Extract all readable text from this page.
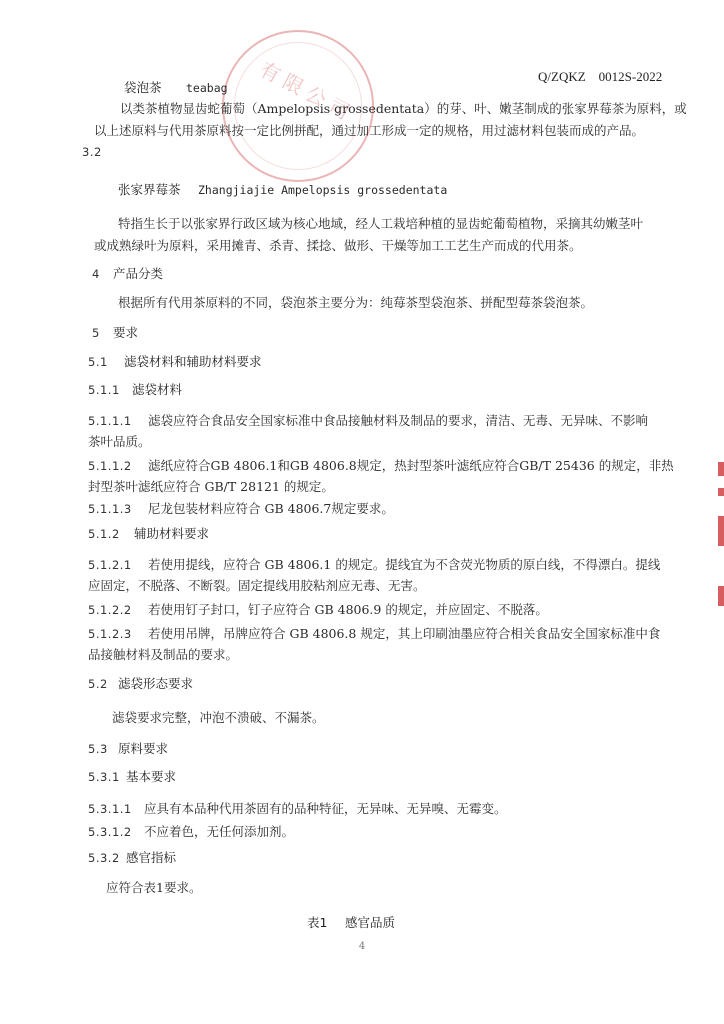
有限公司	Q/ZQKZ　0012S-2022
袋泡茶 teabag
以类茶植物显齿蛇葡萄（Ampelopsis grossedentata）的芽、叶、嫩茎制成的张家界莓茶为原料，或
以上述原料与代用茶原料按一定比例拼配，通过加工形成一定的规格，用过滤材料包装而成的产品。
3.2
张家界莓茶 Zhangjiajie Ampelopsis grossedentata
特指生长于以张家界行政区域为核心地域，经人工栽培种植的显齿蛇葡萄植物，采摘其幼嫩茎叶
或成熟绿叶为原料，采用摊青、杀青、揉捻、做形、干燥等加工工艺生产而成的代用茶。
4 产品分类
根据所有代用茶原料的不同，袋泡茶主要分为：纯莓茶型袋泡茶、拼配型莓茶袋泡茶。
5 要求
5.1 滤袋材料和辅助材料要求
5.1.1 滤袋材料
5.1.1.1 滤袋应符合食品安全国家标准中食品接触材料及制品的要求，清洁、无毒、无异味、不影响
茶叶品质。
5.1.1.2 滤纸应符合GB 4806.1和GB 4806.8规定，热封型茶叶滤纸应符合GB/T 25436 的规定，非热
封型茶叶滤纸应符合 GB/T 28121 的规定。
5.1.1.3 尼龙包装材料应符合 GB 4806.7规定要求。
5.1.2 辅助材料要求
5.1.2.1 若使用提线，应符合 GB 4806.1 的规定。提线宜为不含荧光物质的原白线，不得漂白。提线
应固定，不脱落、不断裂。固定提线用胶粘剂应无毒、无害。
5.1.2.2 若使用钉子封口，钉子应符合 GB 4806.9 的规定，并应固定、不脱落。
5.1.2.3 若使用吊牌，吊牌应符合 GB 4806.8 规定，其上印刷油墨应符合相关食品安全国家标准中食
品接触材料及制品的要求。
5.2 滤袋形态要求
滤袋要求完整，冲泡不溃破、不漏茶。
5.3 原料要求
5.3.1 基本要求
5.3.1.1 应具有本品种代用茶固有的品种特征，无异味、无异嗅、无霉变。
5.3.1.2 不应着色，无任何添加剂。
5.3.2 感官指标
应符合表1要求。
表1 感官品质
4
